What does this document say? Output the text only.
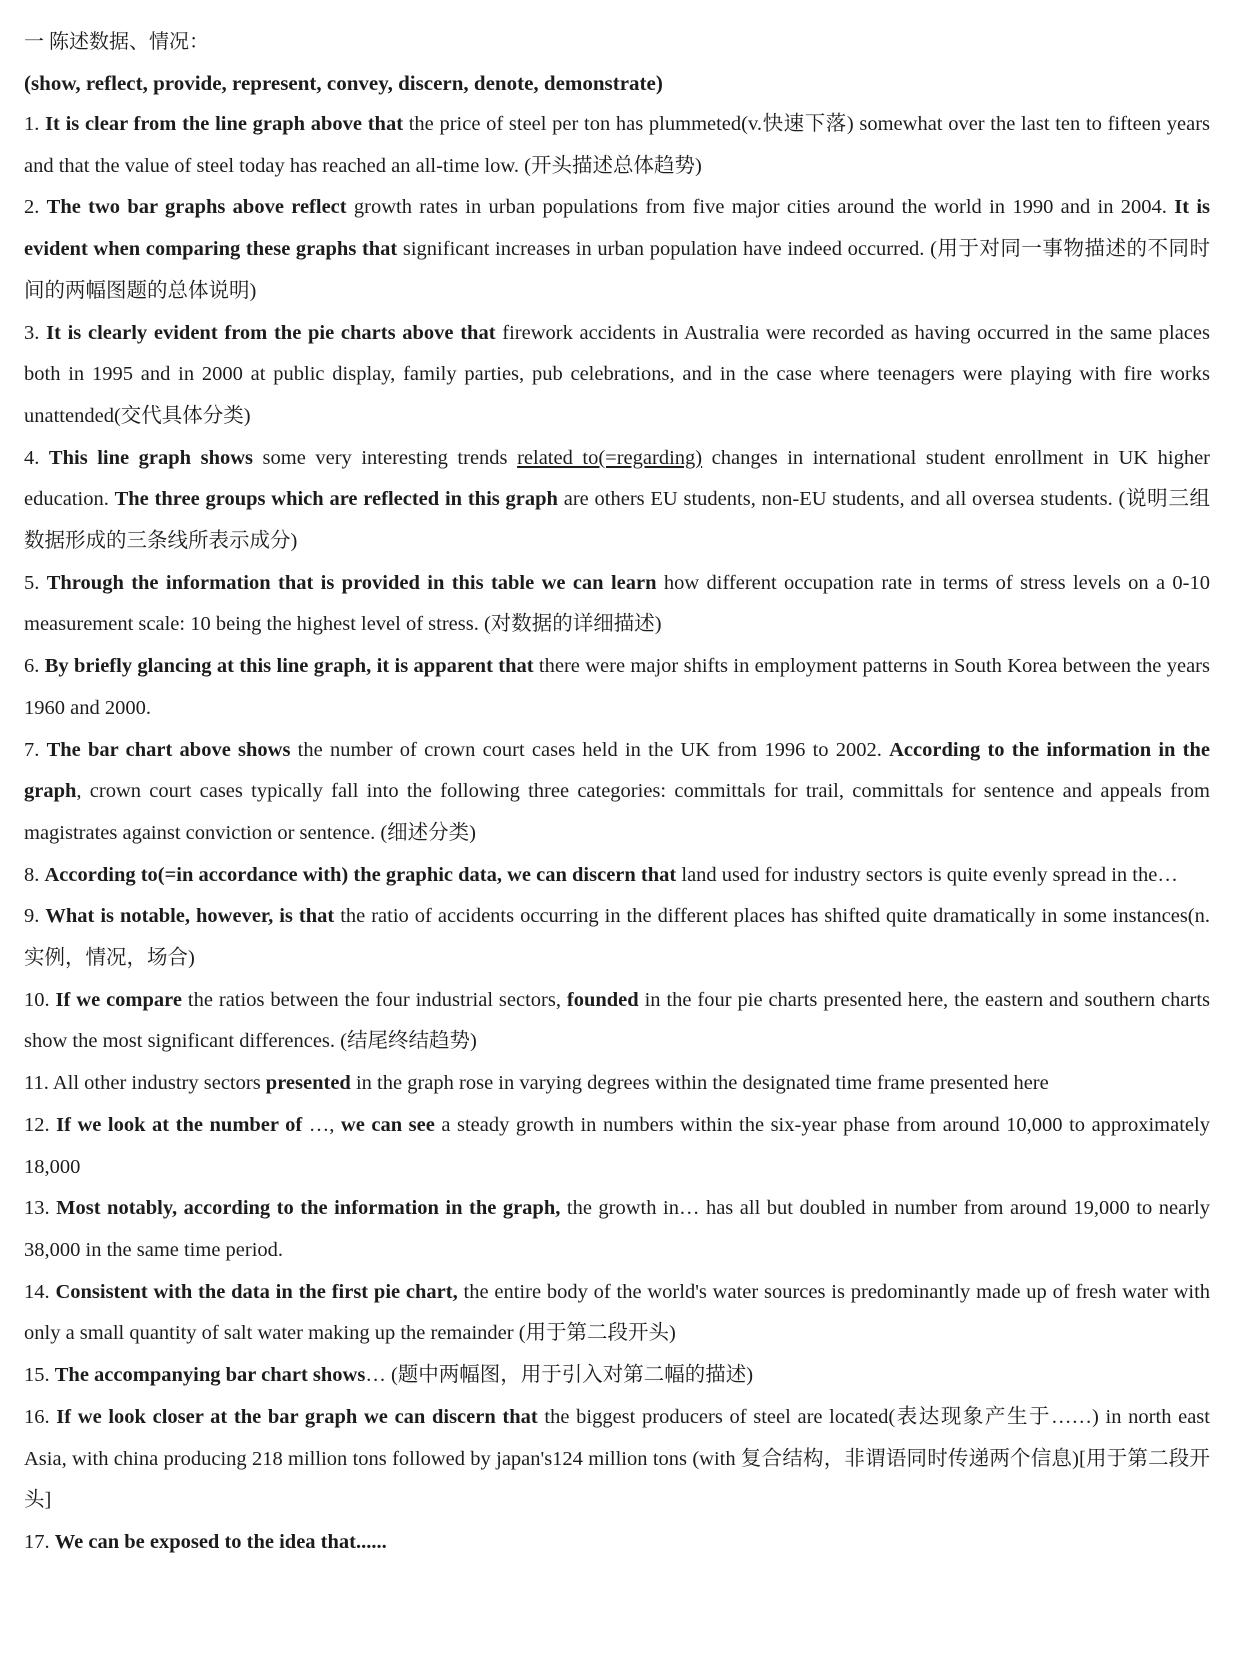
一 陈述数据、情况：
(show, reflect, provide, represent, convey, discern, denote, demonstrate)

1. It is clear from the line graph above that the price of steel per ton has plummeted(v.快速下落) somewhat over the last ten to fifteen years and that the value of steel today has reached an all-time low. (开头描述总体趋势)

2. The two bar graphs above reflect growth rates in urban populations from five major cities around the world in 1990 and in 2004. It is evident when comparing these graphs that significant increases in urban population have indeed occurred. (用于对同一事物描述的不同时间的两幅图题的总体说明)

3. It is clearly evident from the pie charts above that firework accidents in Australia were recorded as having occurred in the same places both in 1995 and in 2000 at public display, family parties, pub celebrations, and in the case where teenagers were playing with fire works unattended(交代具体分类)

4. This line graph shows some very interesting trends related to(=regarding) changes in international student enrollment in UK higher education. The three groups which are reflected in this graph are others EU students, non-EU students, and all oversea students. (说明三组数据形成的三条线所表示成分)

5. Through the information that is provided in this table we can learn how different occupation rate in terms of stress levels on a 0-10 measurement scale: 10 being the highest level of stress. (对数据的详细描述)

6. By briefly glancing at this line graph, it is apparent that there were major shifts in employment patterns in South Korea between the years 1960 and 2000.

7. The bar chart above shows the number of crown court cases held in the UK from 1996 to 2002. According to the information in the graph, crown court cases typically fall into the following three categories: committals for trail, committals for sentence and appeals from magistrates against conviction or sentence. (细述分类)

8. According to(=in accordance with) the graphic data, we can discern that land used for industry sectors is quite evenly spread in the…

9. What is notable, however, is that the ratio of accidents occurring in the different places has shifted quite dramatically in some instances(n.实例，情况，场合)

10. If we compare the ratios between the four industrial sectors, founded in the four pie charts presented here, the eastern and southern charts show the most significant differences. (结尾终结趋势)

11. All other industry sectors presented in the graph rose in varying degrees within the designated time frame presented here

12. If we look at the number of …, we can see a steady growth in numbers within the six-year phase from around 10,000 to approximately 18,000

13. Most notably, according to the information in the graph, the growth in… has all but doubled in number from around 19,000 to nearly 38,000 in the same time period.

14. Consistent with the data in the first pie chart, the entire body of the world's water sources is predominantly made up of fresh water with only a small quantity of salt water making up the remainder (用于第二段开头)

15. The accompanying bar chart shows… (题中两幅图，用于引入对第二幅的描述)

16. If we look closer at the bar graph we can discern that the biggest producers of steel are located(表达现象产生于……) in north east Asia, with china producing 218 million tons followed by japan's124 million tons (with 复合结构，非谓语同时传递两个信息)[用于第二段开头]

17. We can be exposed to the idea that......
